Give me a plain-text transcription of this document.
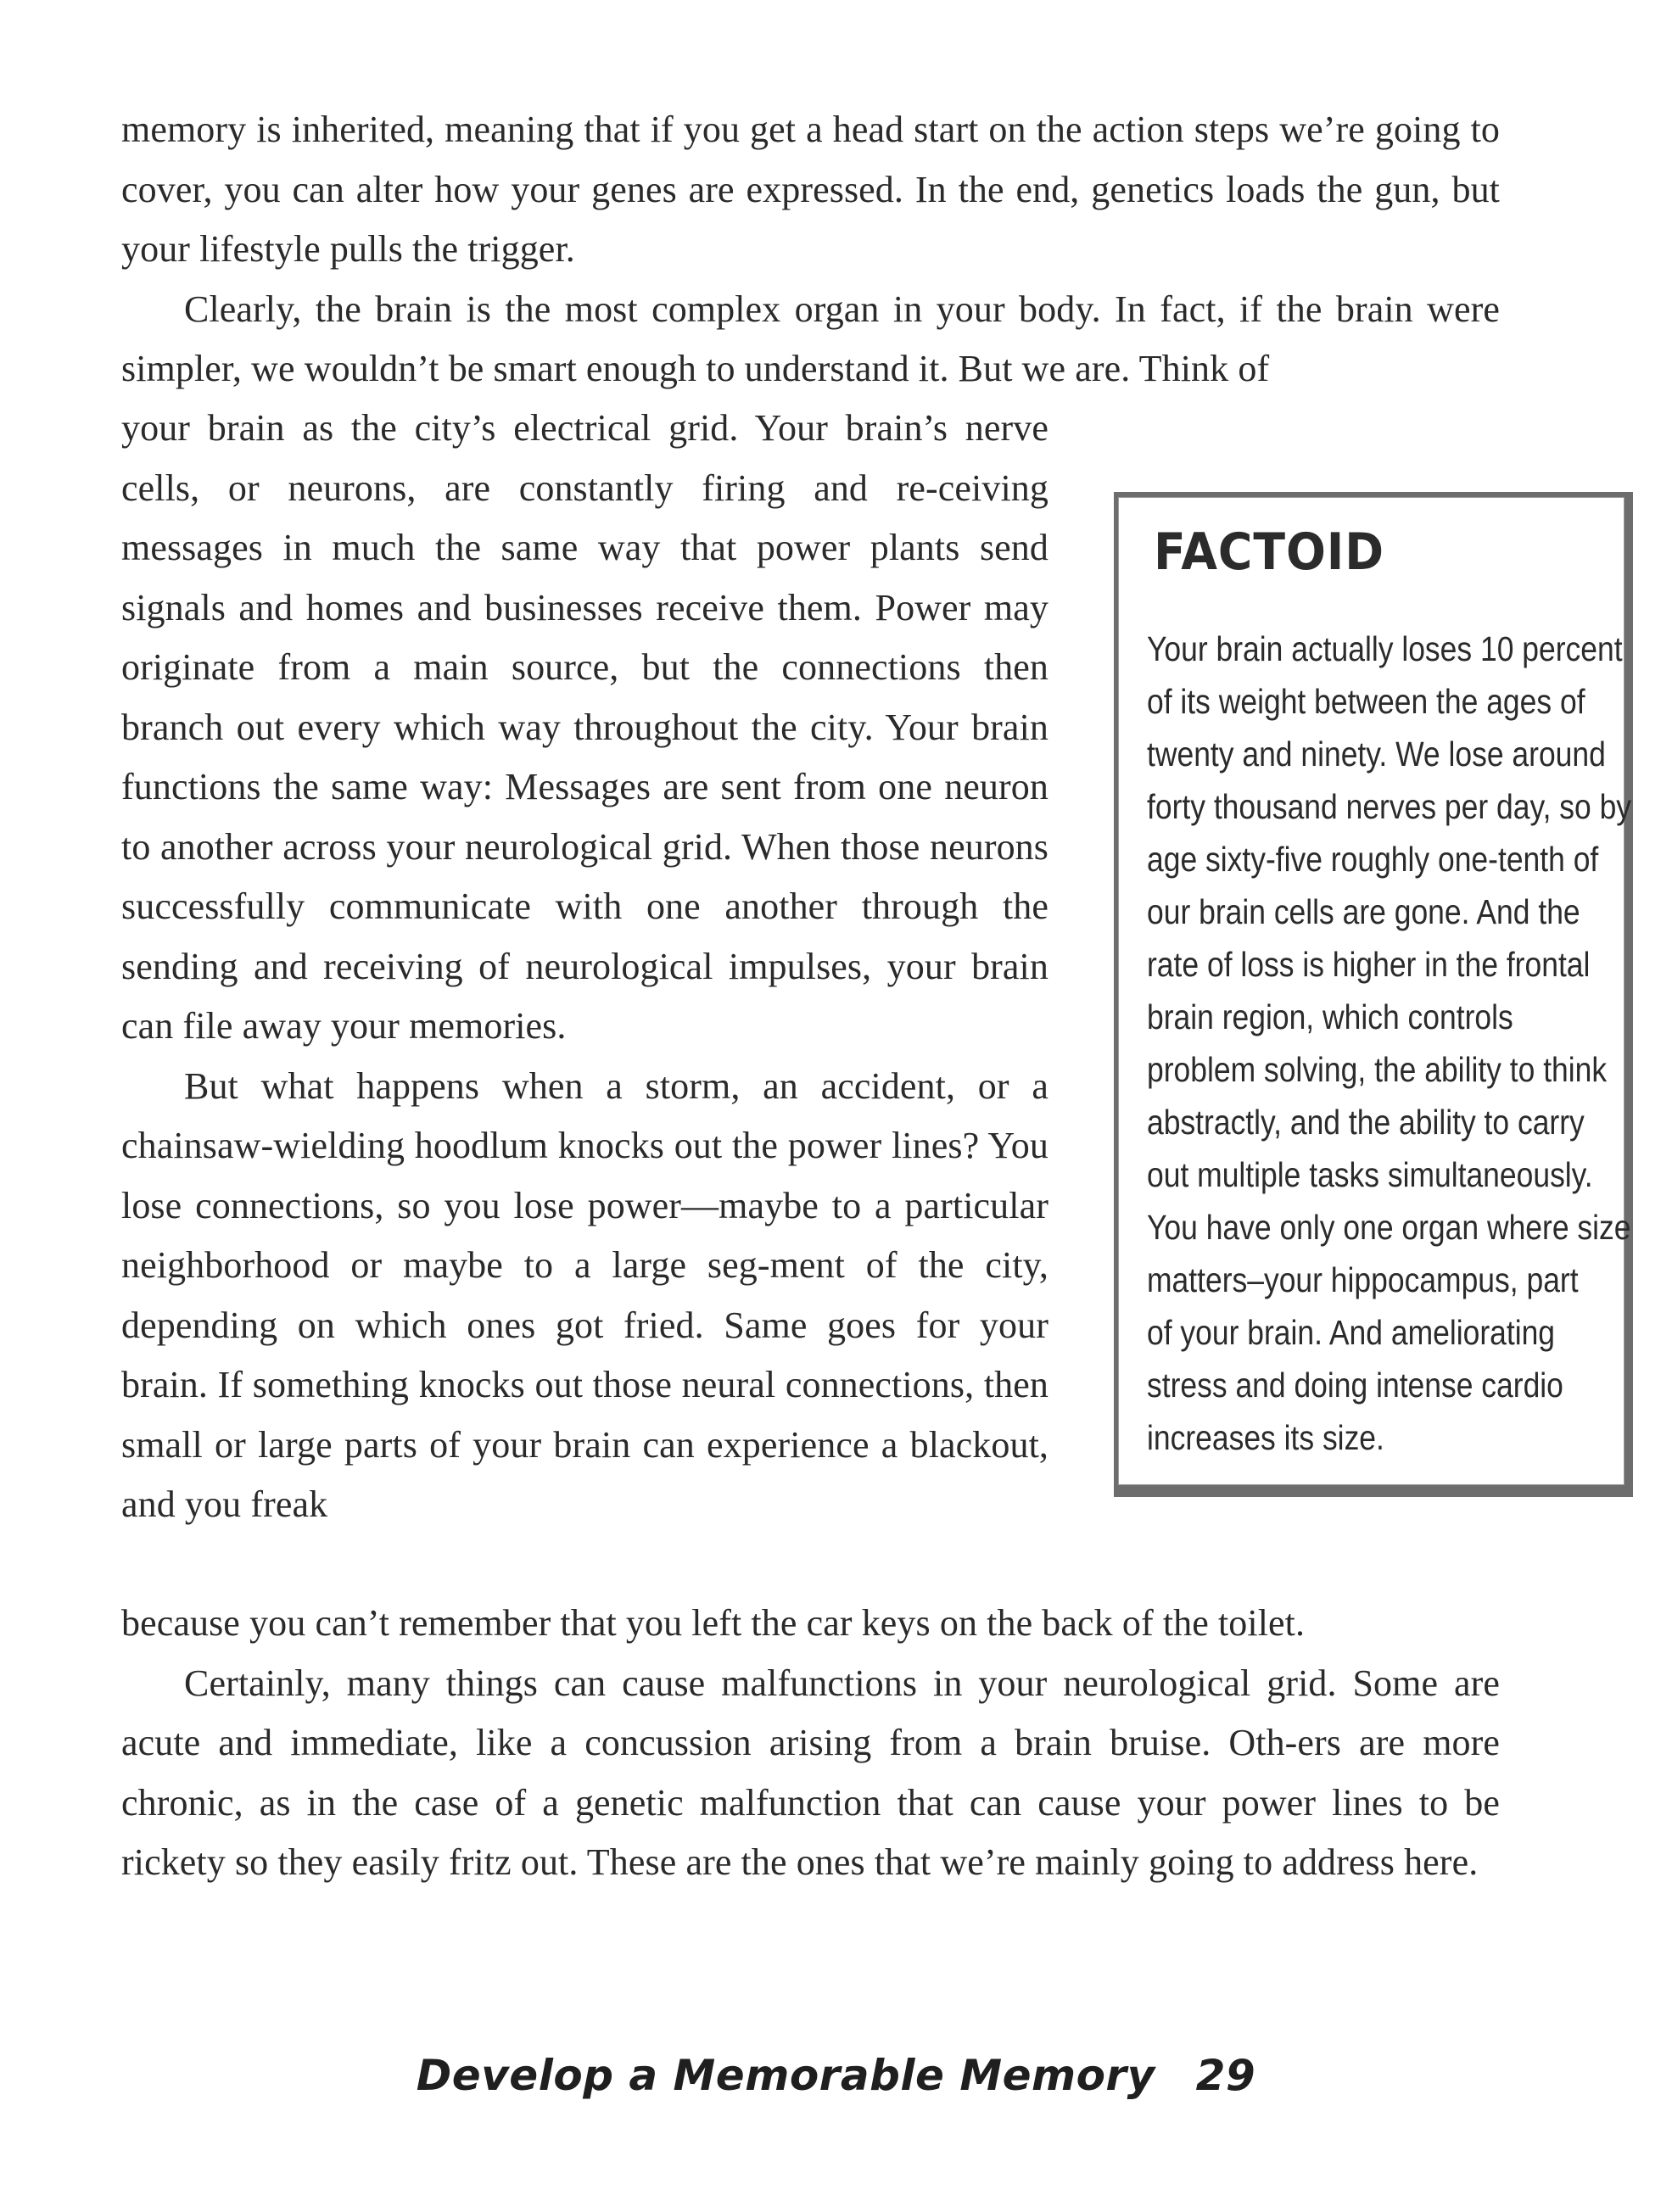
memory is inherited, meaning that if you get a head start on the action steps we’re going to cover, you can alter how your genes are expressed. In the end, genetics loads the gun, but your lifestyle pulls the trigger.

Clearly, the brain is the most complex organ in your body. In fact, if the brain were simpler, we wouldn’t be smart enough to understand it. But we are. Think of

your brain as the city’s electrical grid. Your brain’s nerve cells, or neurons, are constantly firing and re-ceiving messages in much the same way that power plants send signals and homes and businesses receive them. Power may originate from a main source, but the connections then branch out every which way throughout the city. Your brain functions the same way: Messages are sent from one neuron to another across your neurological grid. When those neurons successfully communicate with one another through the sending and receiving of neurological impulses, your brain can file away your memories.

But what happens when a storm, an accident, or a chainsaw-wielding hoodlum knocks out the power lines? You lose connections, so you lose power—maybe to a particular neighborhood or maybe to a large seg-ment of the city, depending on which ones got fried. Same goes for your brain. If something knocks out those neural connections, then small or large parts of your brain can experience a blackout, and you freak

because you can’t remember that you left the car keys on the back of the toilet.

Certainly, many things can cause malfunctions in your neurological grid. Some are acute and immediate, like a concussion arising from a brain bruise. Oth-ers are more chronic, as in the case of a genetic malfunction that can cause your power lines to be rickety so they easily fritz out. These are the ones that we’re mainly going to address here.

FACTOID
Your brain actually loses 10 percent
of its weight between the ages of
twenty and ninety. We lose around
forty thousand nerves per day, so by
age sixty-five roughly one-tenth of
our brain cells are gone. And the
rate of loss is higher in the frontal
brain region, which controls
problem solving, the ability to think
abstractly, and the ability to carry
out multiple tasks simultaneously.
You have only one organ where size
matters–your hippocampus, part
of your brain. And ameliorating
stress and doing intense cardio
increases its size.
Develop a Memorable Memory 29
